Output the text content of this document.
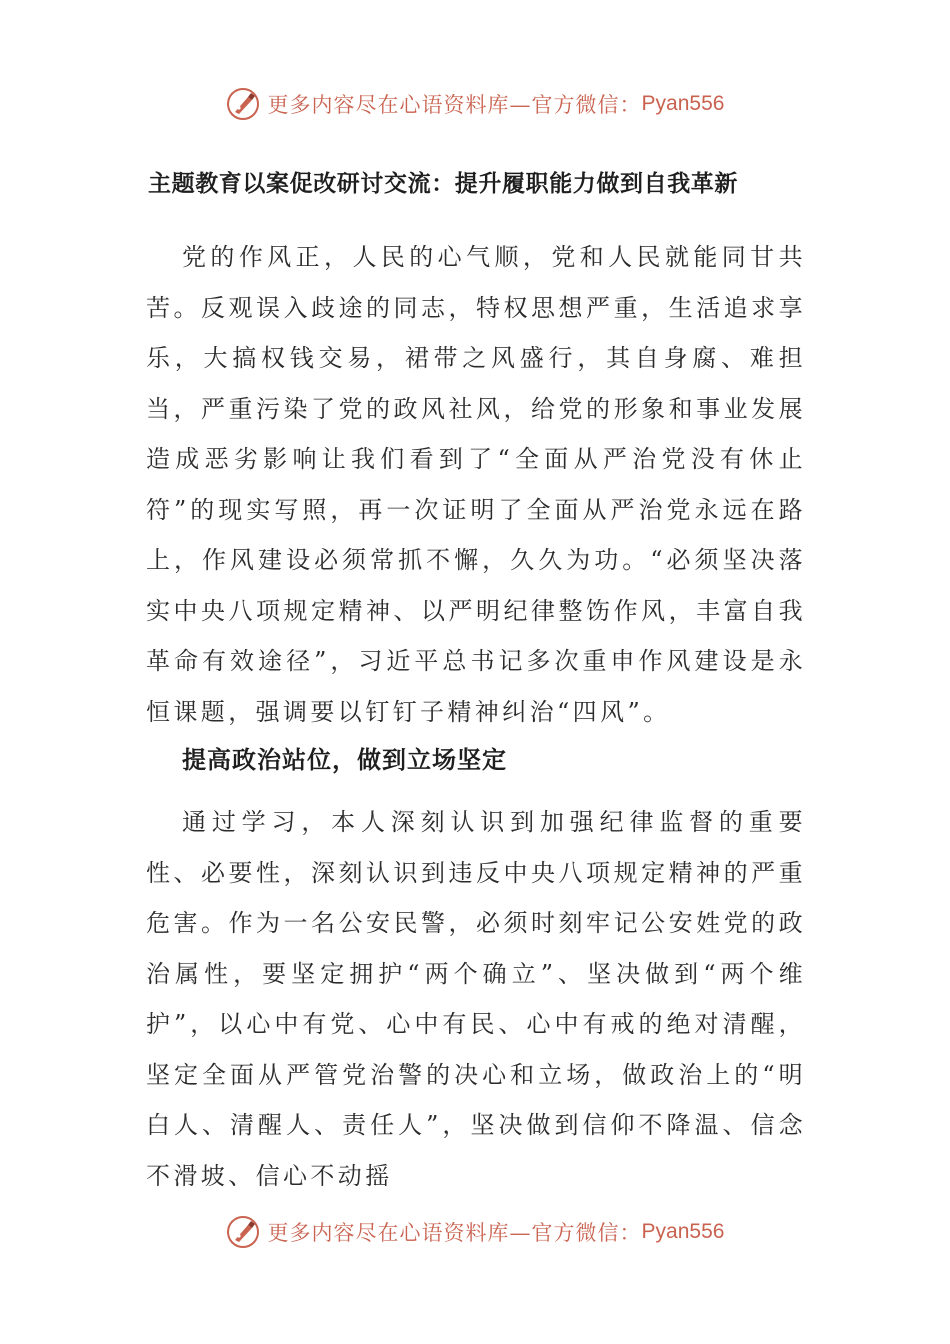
更多内容尽在心语资料库—官方微信： Pyan556
主题教育以案促改研讨交流：提升履职能力做到自我革新

党的作风正，人民的心气顺，党和人民就能同甘共苦。反观误入歧途的同志，特权思想严重，生活追求享乐，大搞权钱交易，裙带之风盛行，其自身腐、难担当，严重污染了党的政风社风，给党的形象和事业发展造成恶劣影响让我们看到了“全面从严治党没有休止符”的现实写照，再一次证明了全面从严治党永远在路上，作风建设必须常抓不懈，久久为功。“必须坚决落实中央八项规定精神、以严明纪律整饬作风，丰富自我革命有效途径”，习近平总书记多次重申作风建设是永恒课题，强调要以钉钉子精神纠治“四风”。

提高政治站位，做到立场坚定

通过学习，本人深刻认识到加强纪律监督的重要性、必要性，深刻认识到违反中央八项规定精神的严重危害。作为一名公安民警，必须时刻牢记公安姓党的政治属性，要坚定拥护“两个确立”、坚决做到“两个维护”，以心中有党、心中有民、心中有戒的绝对清醒，坚定全面从严管党治警的决心和立场，做政治上的“明白人、清醒人、责任人”，坚决做到信仰不降温、信念不滑坡、信心不动摇

更多内容尽在心语资料库—官方微信： Pyan556
